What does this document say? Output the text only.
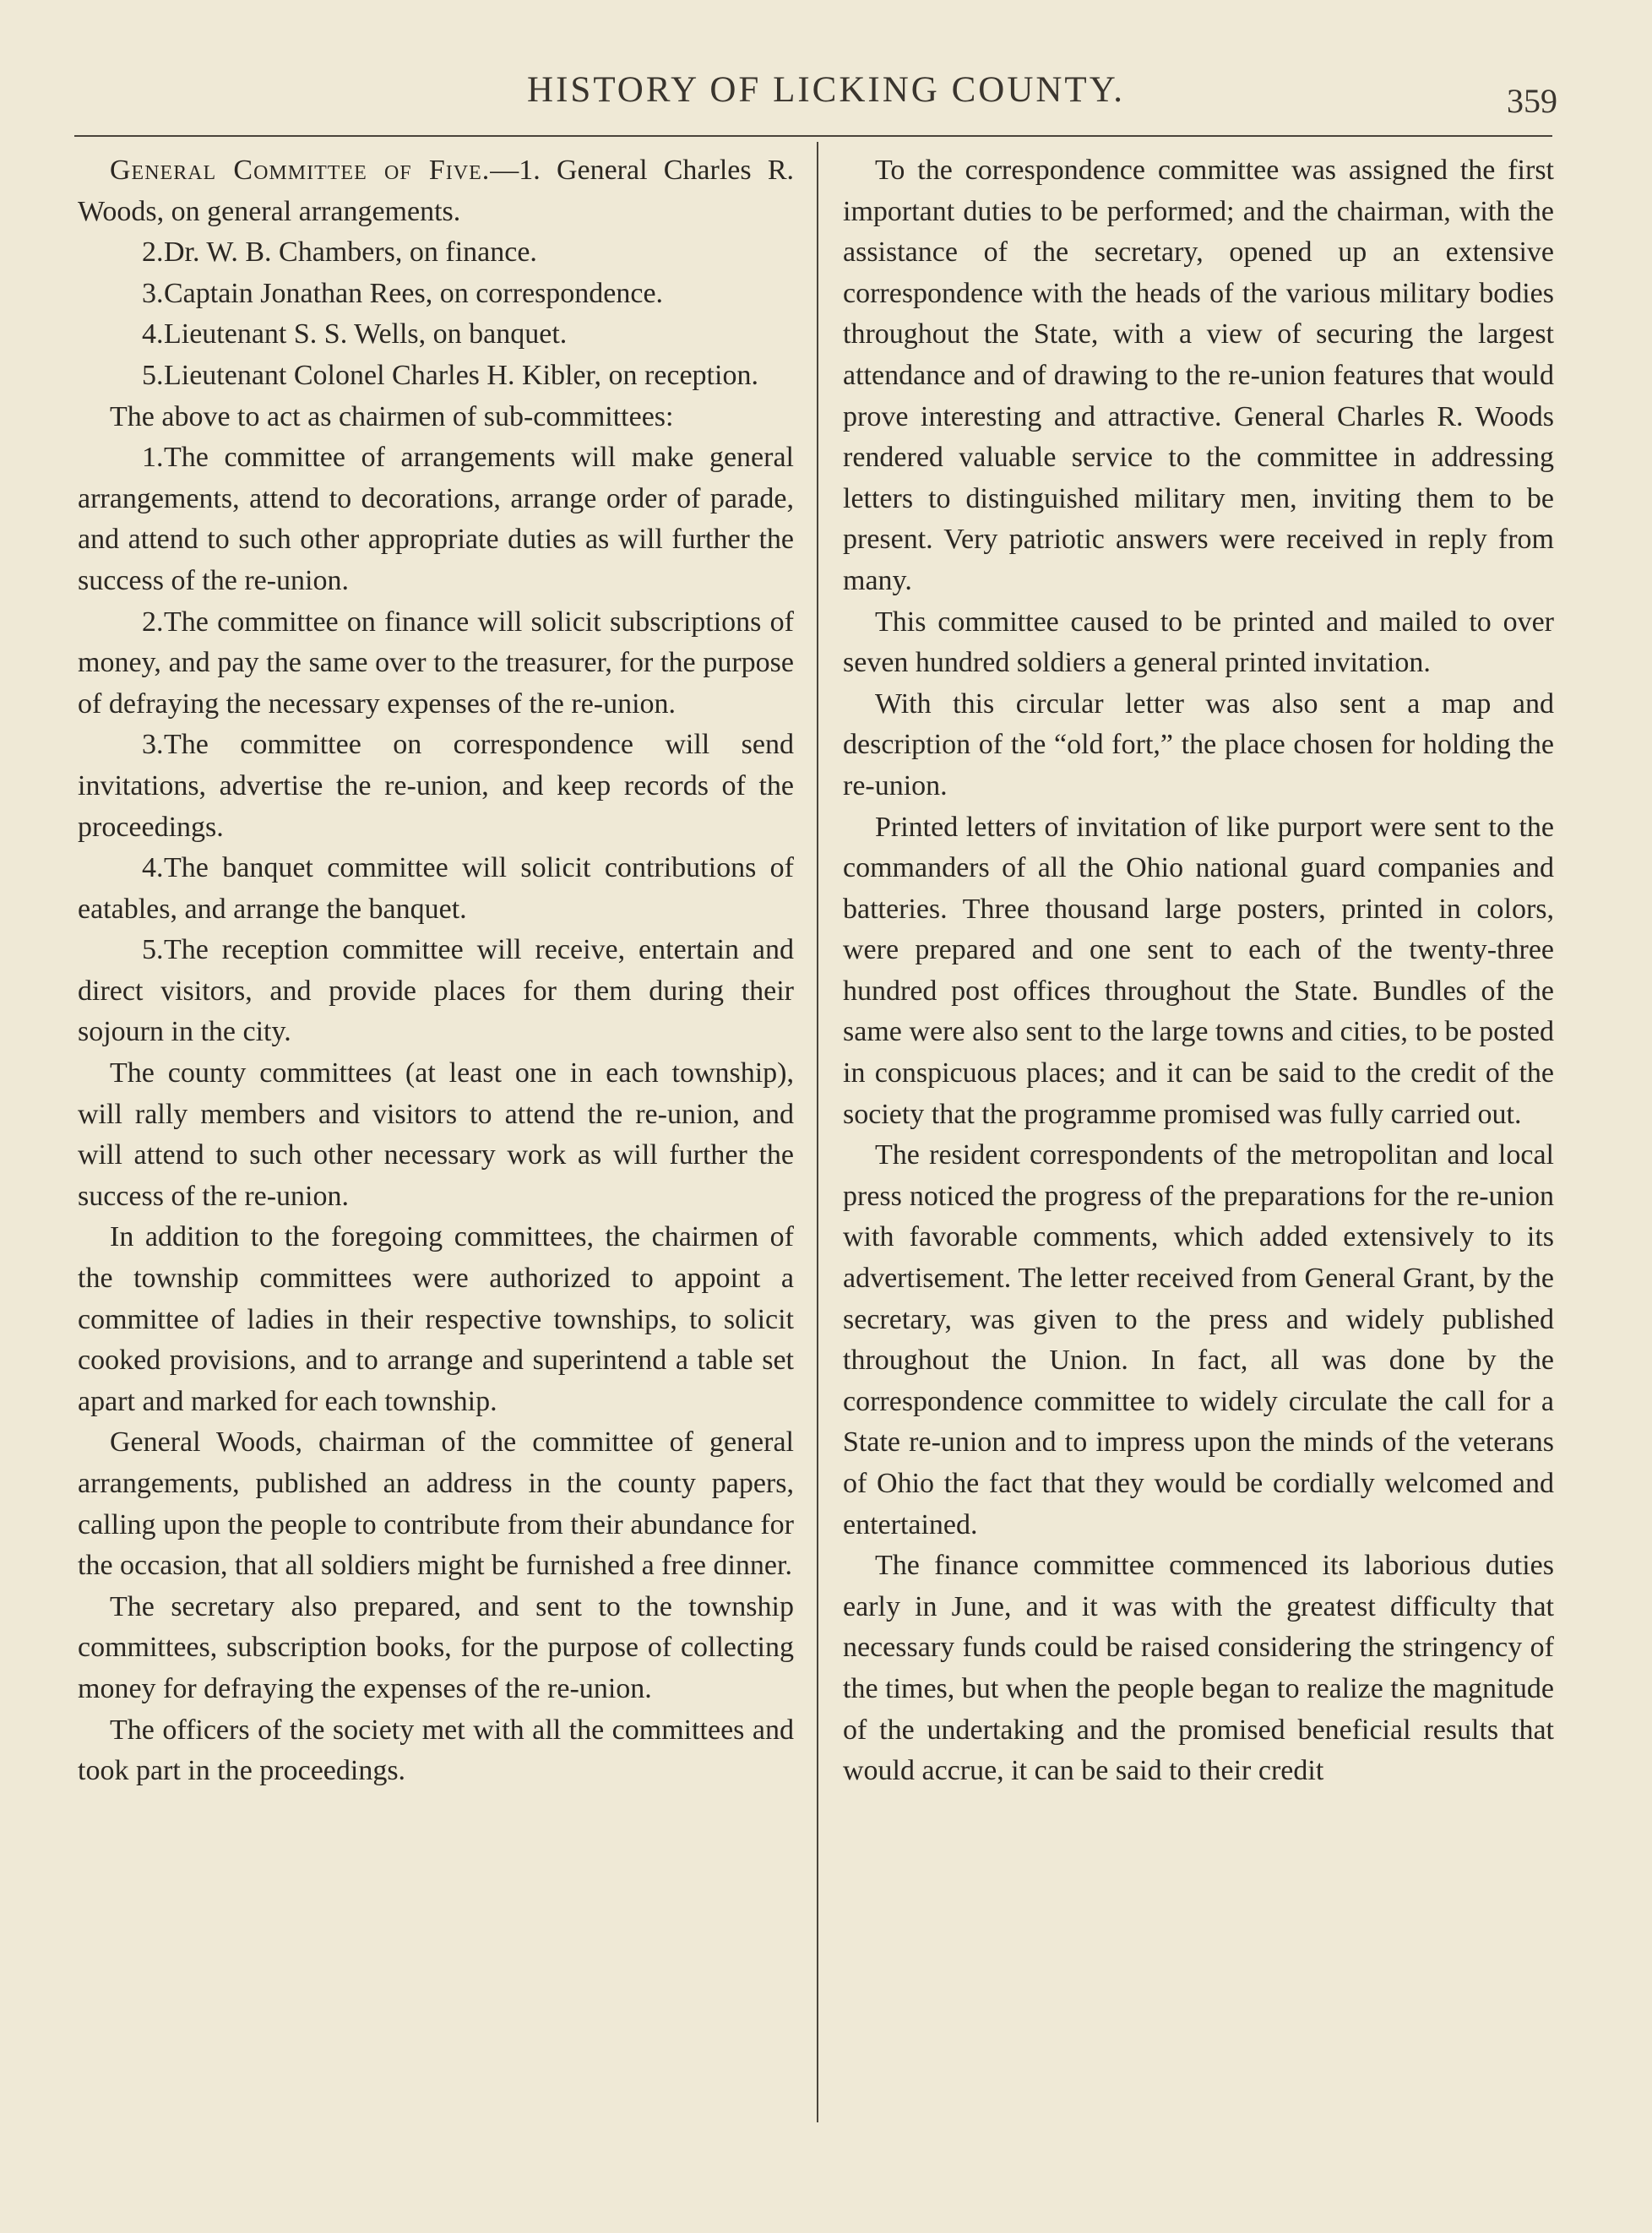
HISTORY OF LICKING COUNTY.	359

General Committee of Five.—1. General Charles R. Woods, on general arrangements.

2.Dr. W. B. Chambers, on finance.

3.Captain Jonathan Rees, on correspondence.

4.Lieutenant S. S. Wells, on banquet.

5.Lieutenant Colonel Charles H. Kibler, on reception.

The above to act as chairmen of sub-committees:

1.The committee of arrangements will make general arrangements, attend to decorations, arrange order of parade, and attend to such other appropriate duties as will further the success of the re-union.

2.The committee on finance will solicit subscriptions of money, and pay the same over to the treasurer, for the purpose of defraying the necessary expenses of the re-union.

3.The committee on correspondence will send invitations, advertise the re-union, and keep records of the proceedings.

4.The banquet committee will solicit contributions of eatables, and arrange the banquet.

5.The reception committee will receive, entertain and direct visitors, and provide places for them during their sojourn in the city.

The county committees (at least one in each township), will rally members and visitors to attend the re-union, and will attend to such other necessary work as will further the success of the re-union.

In addition to the foregoing committees, the chairmen of the township committees were authorized to appoint a committee of ladies in their respective townships, to solicit cooked provisions, and to arrange and superintend a table set apart and marked for each township.

General Woods, chairman of the committee of general arrangements, published an address in the county papers, calling upon the people to contribute from their abundance for the occasion, that all soldiers might be furnished a free dinner.

The secretary also prepared, and sent to the township committees, subscription books, for the purpose of collecting money for defraying the expenses of the re-union.

The officers of the society met with all the committees and took part in the proceedings.

To the correspondence committee was assigned the first important duties to be performed; and the chairman, with the assistance of the secretary, opened up an extensive correspondence with the heads of the various military bodies throughout the State, with a view of securing the largest attendance and of drawing to the re-union features that would prove interesting and attractive. General Charles R. Woods rendered valuable service to the committee in addressing letters to distinguished military men, inviting them to be present. Very patriotic answers were received in reply from many.

This committee caused to be printed and mailed to over seven hundred soldiers a general printed invitation.

With this circular letter was also sent a map and description of the “old fort,” the place chosen for holding the re-union.

Printed letters of invitation of like purport were sent to the commanders of all the Ohio national guard companies and batteries. Three thousand large posters, printed in colors, were prepared and one sent to each of the twenty-three hundred post offices throughout the State. Bundles of the same were also sent to the large towns and cities, to be posted in conspicuous places; and it can be said to the credit of the society that the programme promised was fully carried out.

The resident correspondents of the metropolitan and local press noticed the progress of the preparations for the re-union with favorable comments, which added extensively to its advertisement. The letter received from General Grant, by the secretary, was given to the press and widely published throughout the Union. In fact, all was done by the correspondence committee to widely circulate the call for a State re-union and to impress upon the minds of the veterans of Ohio the fact that they would be cordially welcomed and entertained.

The finance committee commenced its laborious duties early in June, and it was with the greatest difficulty that necessary funds could be raised considering the stringency of the times, but when the people began to realize the magnitude of the undertaking and the promised beneficial results that would accrue, it can be said to their credit
